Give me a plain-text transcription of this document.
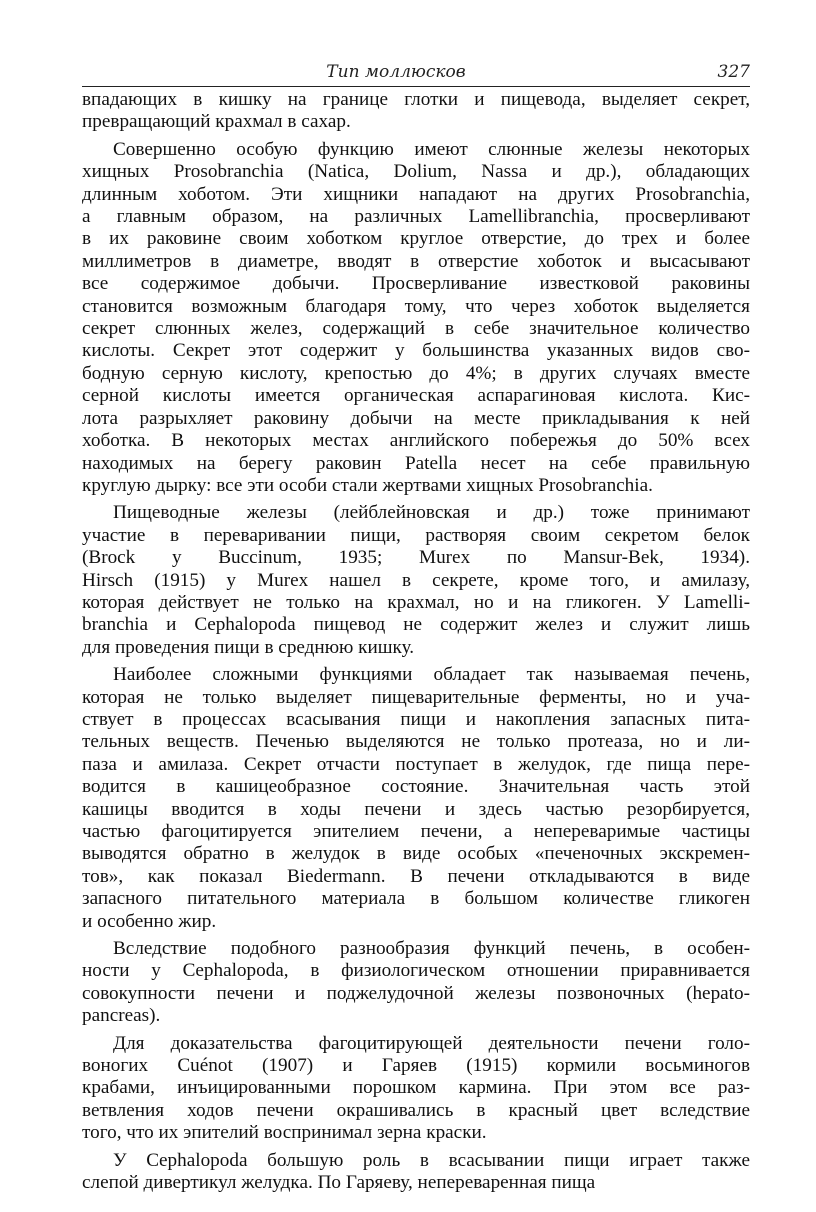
Тип моллюсков	327

впадающих в кишку на границе глотки и пищевода, выделяет секрет,
превращающий крахмал в сахар.

Совершенно особую функцию имеют слюнные железы некоторых
хищных Prosobranchia (Natica, Dolium, Nassa и др.), обладающих
длинным хоботом. Эти хищники нападают на других Prosobranchia,
а главным образом, на различных Lamellibranchia, просверливают
в их раковине своим хоботком круглое отверстие, до трех и более
миллиметров в диаметре, вводят в отверстие хоботок и высасывают
все содержимое добычи. Просверливание известковой раковины
становится возможным благодаря тому, что через хоботок выделяется
секрет слюнных желез, содержащий в себе значительное количество
кислоты. Секрет этот содержит у большинства указанных видов сво-
бодную серную кислоту, крепостью до 4%; в других случаях вместе
серной кислоты имеется органическая аспарагиновая кислота. Кис-
лота разрыхляет раковину добычи на месте прикладывания к ней
хоботка. В некоторых местах английского побережья до 50% всех
находимых на берегу раковин Patella несет на себе правильную
круглую дырку: все эти особи стали жертвами хищных Prosobranchia.

Пищеводные железы (лейблейновская и др.) тоже принимают
участие в переваривании пищи, растворяя своим секретом белок
(Brock у Buccinum, 1935; Murex по Mansur-Bek, 1934).
Hirsch (1915) у Murex нашел в секрете, кроме того, и амилазу,
которая действует не только на крахмал, но и на гликоген. У Lamelli-
branchia и Cephalopoda пищевод не содержит желез и служит лишь
для проведения пищи в среднюю кишку.

Наиболее сложными функциями обладает так называемая печень,
которая не только выделяет пищеварительные ферменты, но и уча-
ствует в процессах всасывания пищи и накопления запасных пита-
тельных веществ. Печенью выделяются не только протеаза, но и ли-
паза и амилаза. Секрет отчасти поступает в желудок, где пища пере-
водится в кашицеобразное состояние. Значительная часть этой
кашицы вводится в ходы печени и здесь частью резорбируется,
частью фагоцитируется эпителием печени, а непереваримые частицы
выводятся обратно в желудок в виде особых «печеночных экскремен-
тов», как показал Biedermann. В печени откладываются в виде
запасного питательного материала в большом количестве гликоген
и особенно жир.

Вследствие подобного разнообразия функций печень, в особен-
ности у Cephalopoda, в физиологическом отношении приравнивается
совокупности печени и поджелудочной железы позвоночных (hepato-
pancreas).

Для доказательства фагоцитирующей деятельности печени голо-
воногих Cuénot (1907) и Гаряев (1915) кормили восьминогов
крабами, инъицированными порошком кармина. При этом все раз-
ветвления ходов печени окрашивались в красный цвет вследствие
того, что их эпителий воспринимал зерна краски.

У Cephalopoda большую роль в всасывании пищи играет также
слепой дивертикул желудка. По Гаряеву, непереваренная пища
